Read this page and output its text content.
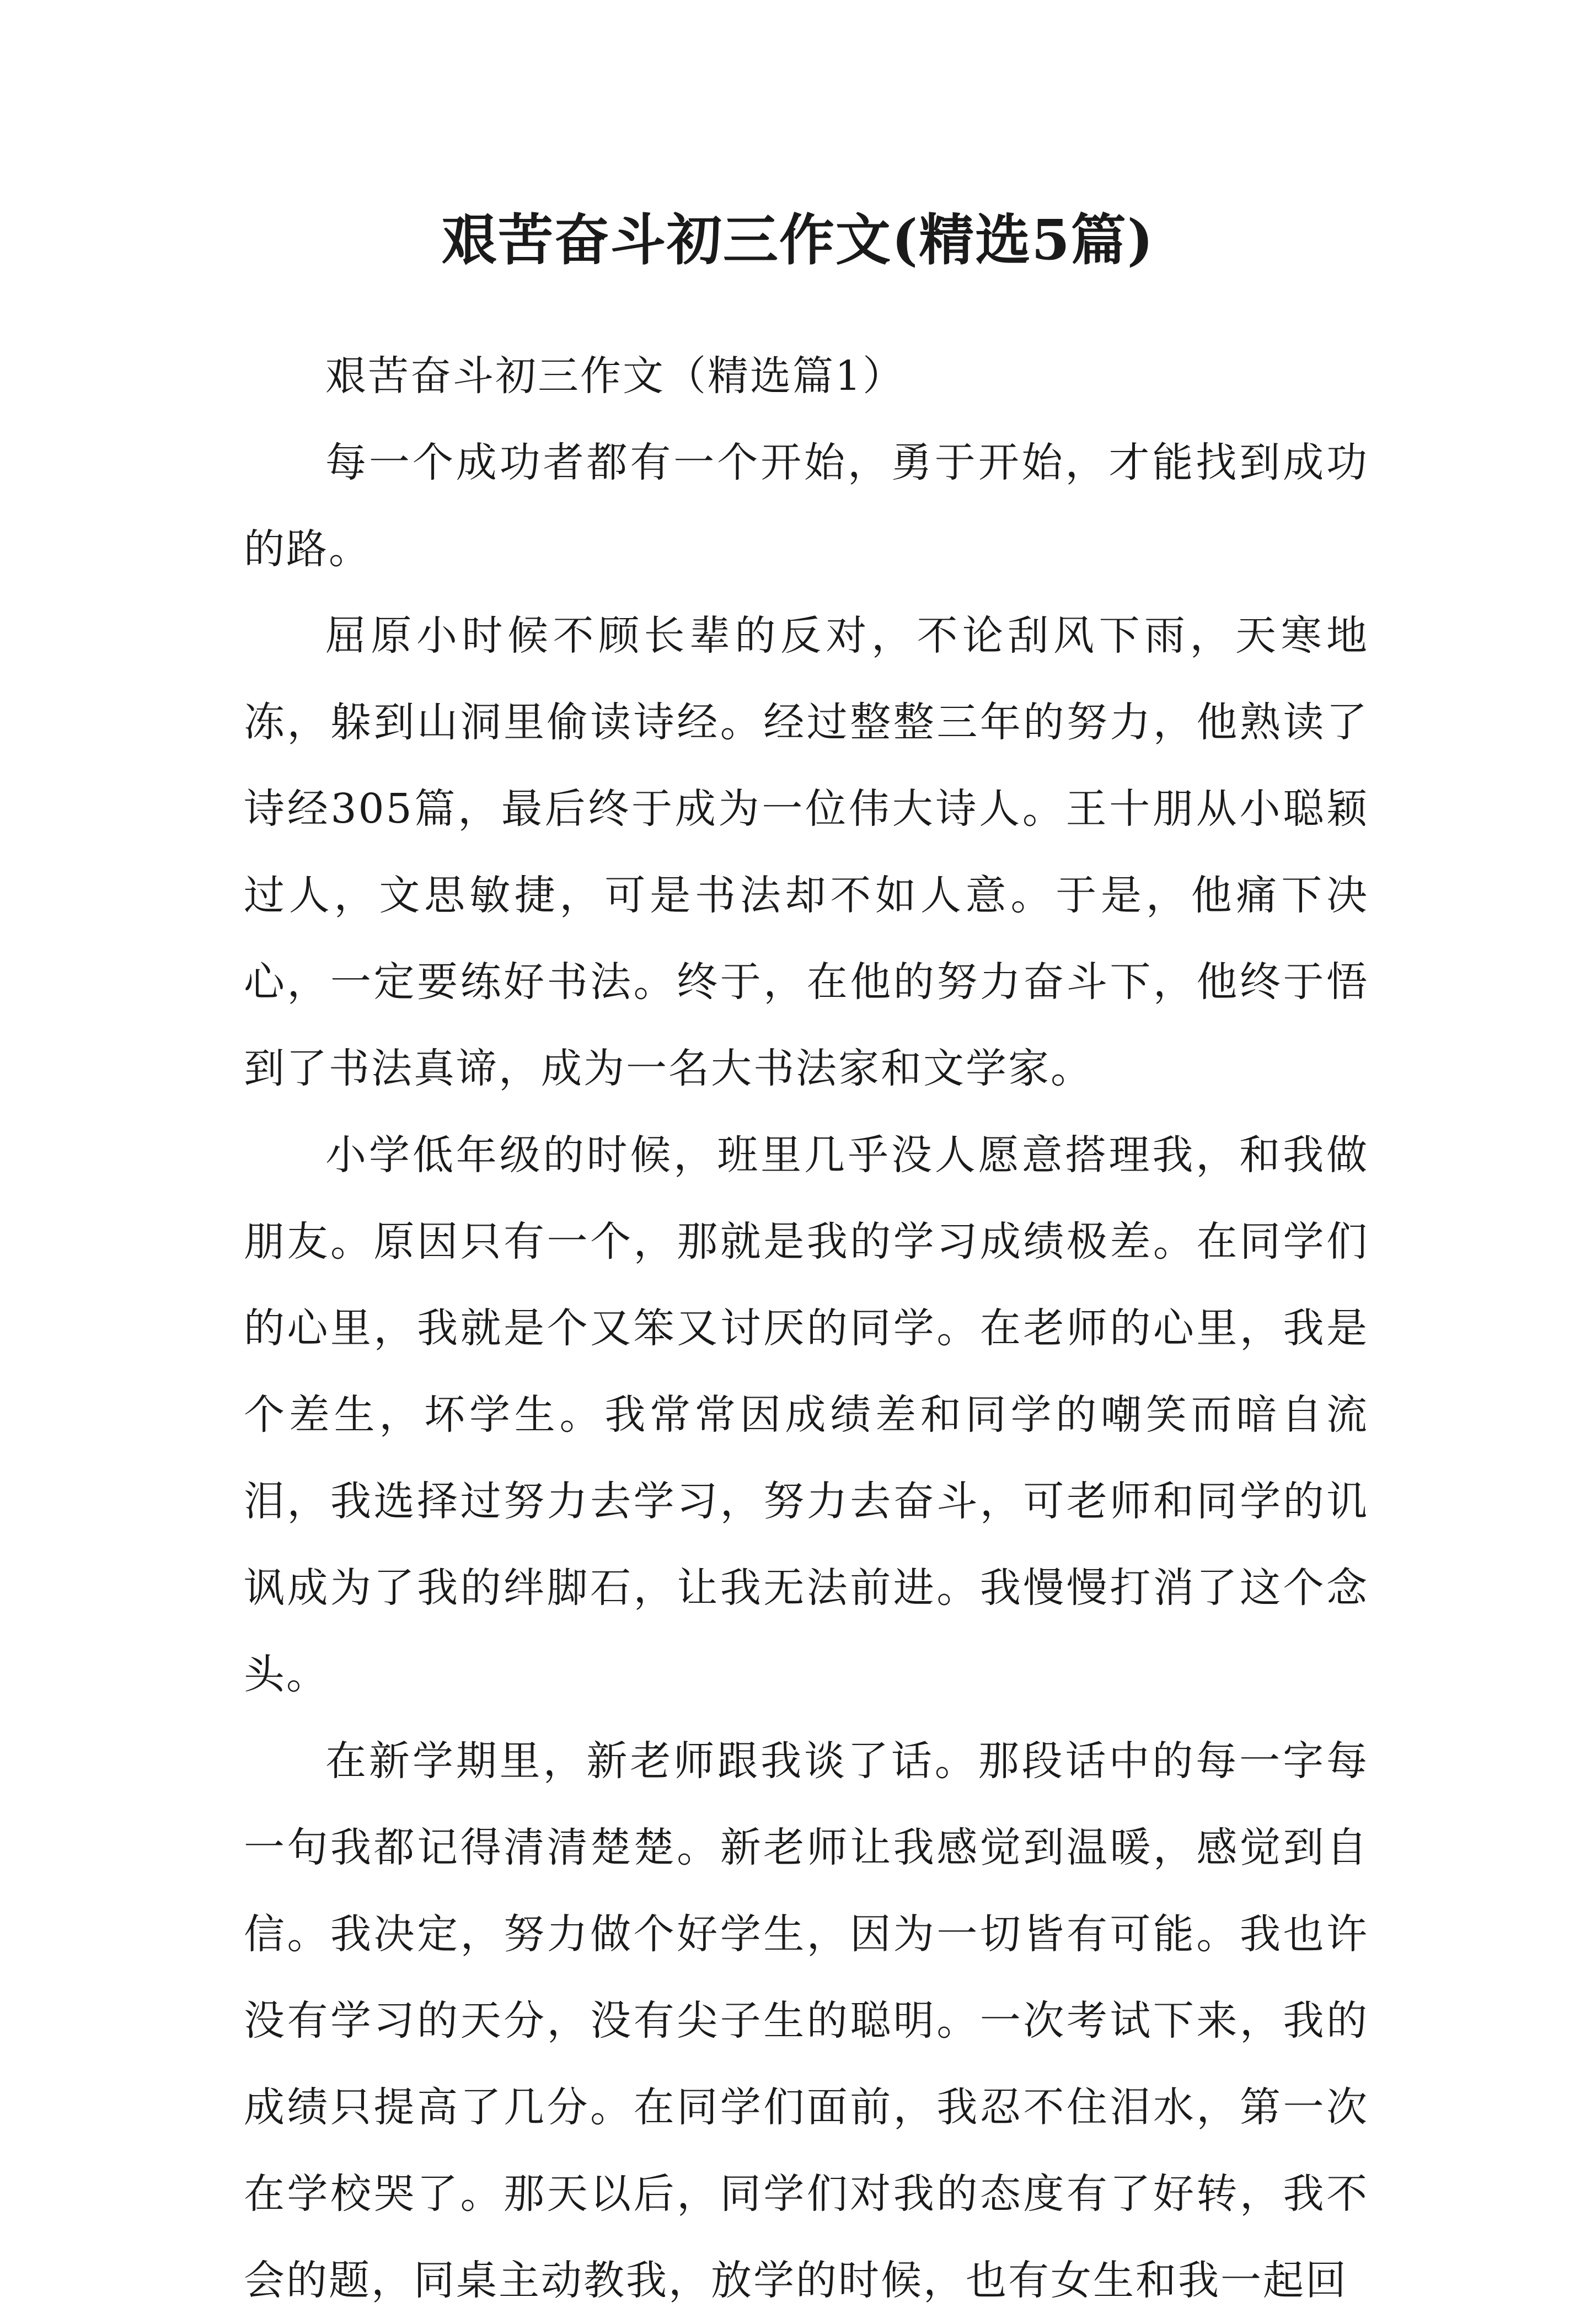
艰苦奋斗初三作文(精选5篇)

艰苦奋斗初三作文（精选篇1）

每一个成功者都有一个开始，勇于开始，才能找到成功的路。

屈原小时候不顾长辈的反对，不论刮风下雨，天寒地冻，躲到山洞里偷读诗经。经过整整三年的努力，他熟读了诗经305篇，最后终于成为一位伟大诗人。王十朋从小聪颖过人，文思敏捷，可是书法却不如人意。于是，他痛下决心，一定要练好书法。终于，在他的努力奋斗下，他终于悟到了书法真谛，成为一名大书法家和文学家。

小学低年级的时候，班里几乎没人愿意搭理我，和我做朋友。原因只有一个，那就是我的学习成绩极差。在同学们的心里，我就是个又笨又讨厌的同学。在老师的心里，我是个差生，坏学生。我常常因成绩差和同学的嘲笑而暗自流泪，我选择过努力去学习，努力去奋斗，可老师和同学的讥讽成为了我的绊脚石，让我无法前进。我慢慢打消了这个念头。

在新学期里，新老师跟我谈了话。那段话中的每一字每一句我都记得清清楚楚。新老师让我感觉到温暖，感觉到自信。我决定，努力做个好学生，因为一切皆有可能。我也许没有学习的天分，没有尖子生的聪明。一次考试下来，我的成绩只提高了几分。在同学们面前，我忍不住泪水，第一次在学校哭了。那天以后，同学们对我的态度有了好转，我不会的题，同桌主动教我，放学的时候，也有女生和我一起回
